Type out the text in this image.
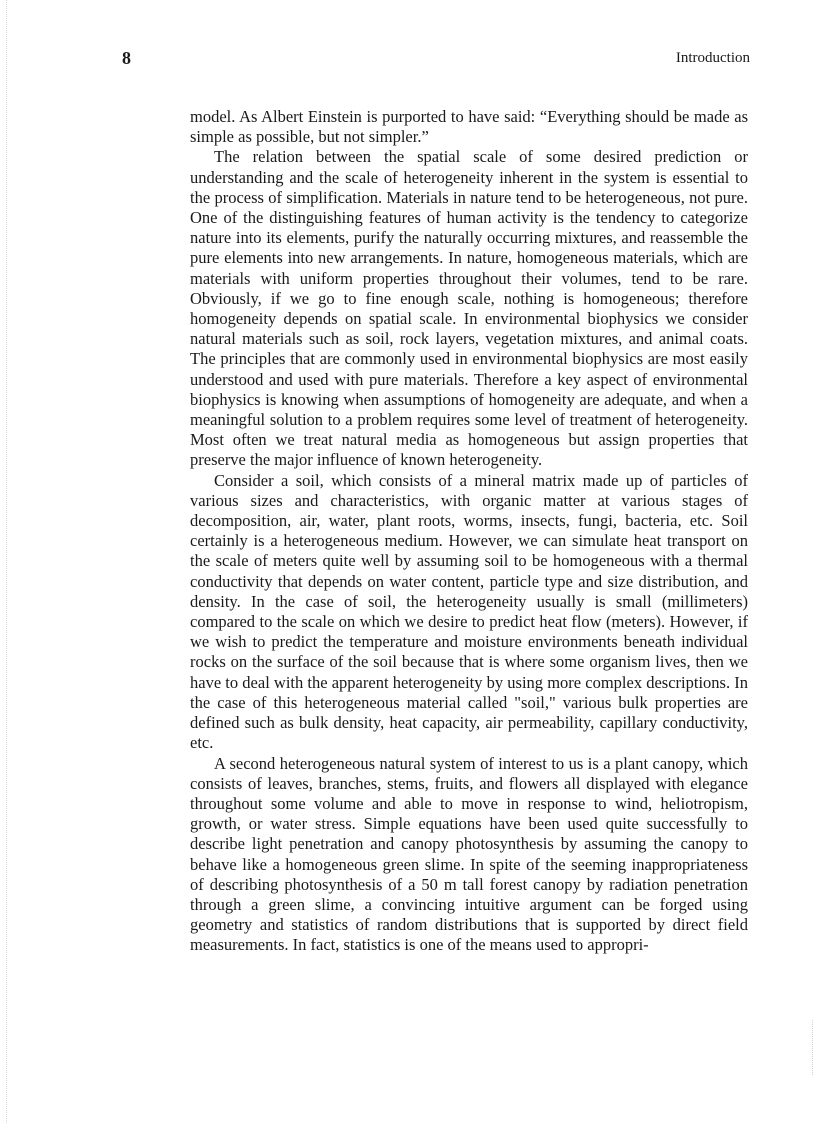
8	Introduction

model. As Albert Einstein is purported to have said: “Everything should be made as simple as possible, but not simpler.”

The relation between the spatial scale of some desired prediction or understanding and the scale of heterogeneity inherent in the system is essential to the process of simplification. Materials in nature tend to be heterogeneous, not pure. One of the distinguishing features of human activity is the tendency to categorize nature into its elements, purify the naturally occurring mixtures, and reassemble the pure elements into new arrangements. In nature, homogeneous materials, which are materials with uniform properties throughout their volumes, tend to be rare. Obviously, if we go to fine enough scale, nothing is homogeneous; therefore homogeneity depends on spatial scale. In environmental biophysics we consider natural materials such as soil, rock layers, vegetation mixtures, and animal coats. The principles that are commonly used in environmental biophysics are most easily understood and used with pure materials. Therefore a key aspect of environmental biophysics is knowing when assumptions of homogeneity are adequate, and when a meaningful solution to a problem requires some level of treatment of heterogeneity. Most often we treat natural media as homogeneous but assign properties that preserve the major influence of known heterogeneity.

Consider a soil, which consists of a mineral matrix made up of particles of various sizes and characteristics, with organic matter at various stages of decomposition, air, water, plant roots, worms, insects, fungi, bacteria, etc. Soil certainly is a heterogeneous medium. However, we can simulate heat transport on the scale of meters quite well by assuming soil to be homogeneous with a thermal conductivity that depends on water content, particle type and size distribution, and density. In the case of soil, the heterogeneity usually is small (millimeters) compared to the scale on which we desire to predict heat flow (meters). However, if we wish to predict the temperature and moisture environments beneath individual rocks on the surface of the soil because that is where some organism lives, then we have to deal with the apparent heterogeneity by using more complex descriptions. In the case of this heterogeneous material called "soil," various bulk properties are defined such as bulk density, heat capacity, air permeability, capillary conductivity, etc.

A second heterogeneous natural system of interest to us is a plant canopy, which consists of leaves, branches, stems, fruits, and flowers all displayed with elegance throughout some volume and able to move in response to wind, heliotropism, growth, or water stress. Simple equations have been used quite successfully to describe light penetration and canopy photosynthesis by assuming the canopy to behave like a homogeneous green slime. In spite of the seeming inappropriateness of describing photosynthesis of a 50 m tall forest canopy by radiation penetration through a green slime, a convincing intuitive argument can be forged using geometry and statistics of random distributions that is supported by direct field measurements. In fact, statistics is one of the means used to appropri-
